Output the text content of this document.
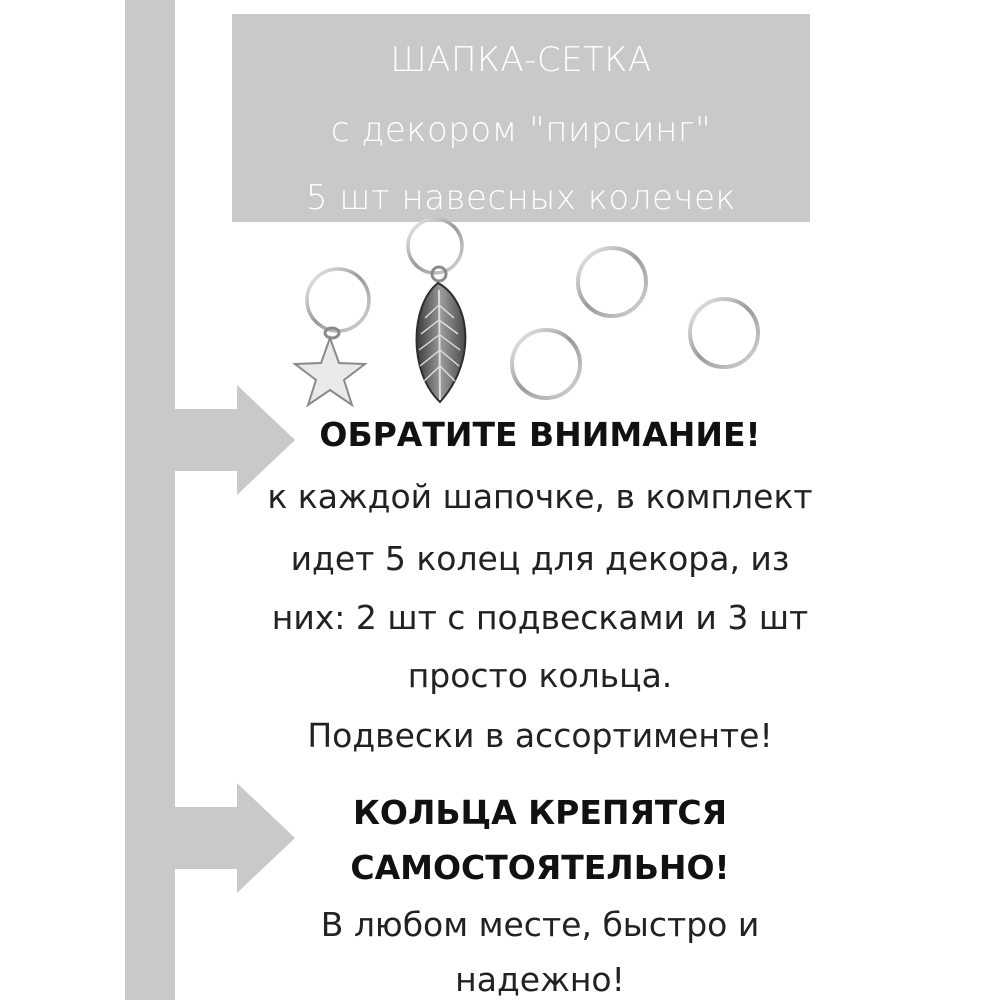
ШАПКА-СЕТКА
с декором "пирсинг"
5 шт навесных колечек
ОБРАТИТЕ ВНИМАНИЕ!
к каждой шапочке, в комплект
идет 5 колец для декора, из
них: 2 шт с подвесками и 3 шт
просто кольца.
Подвески в ассортименте!
КОЛЬЦА КРЕПЯТСЯ
САМОСТОЯТЕЛЬНО!
В любом месте, быстро и
надежно!
